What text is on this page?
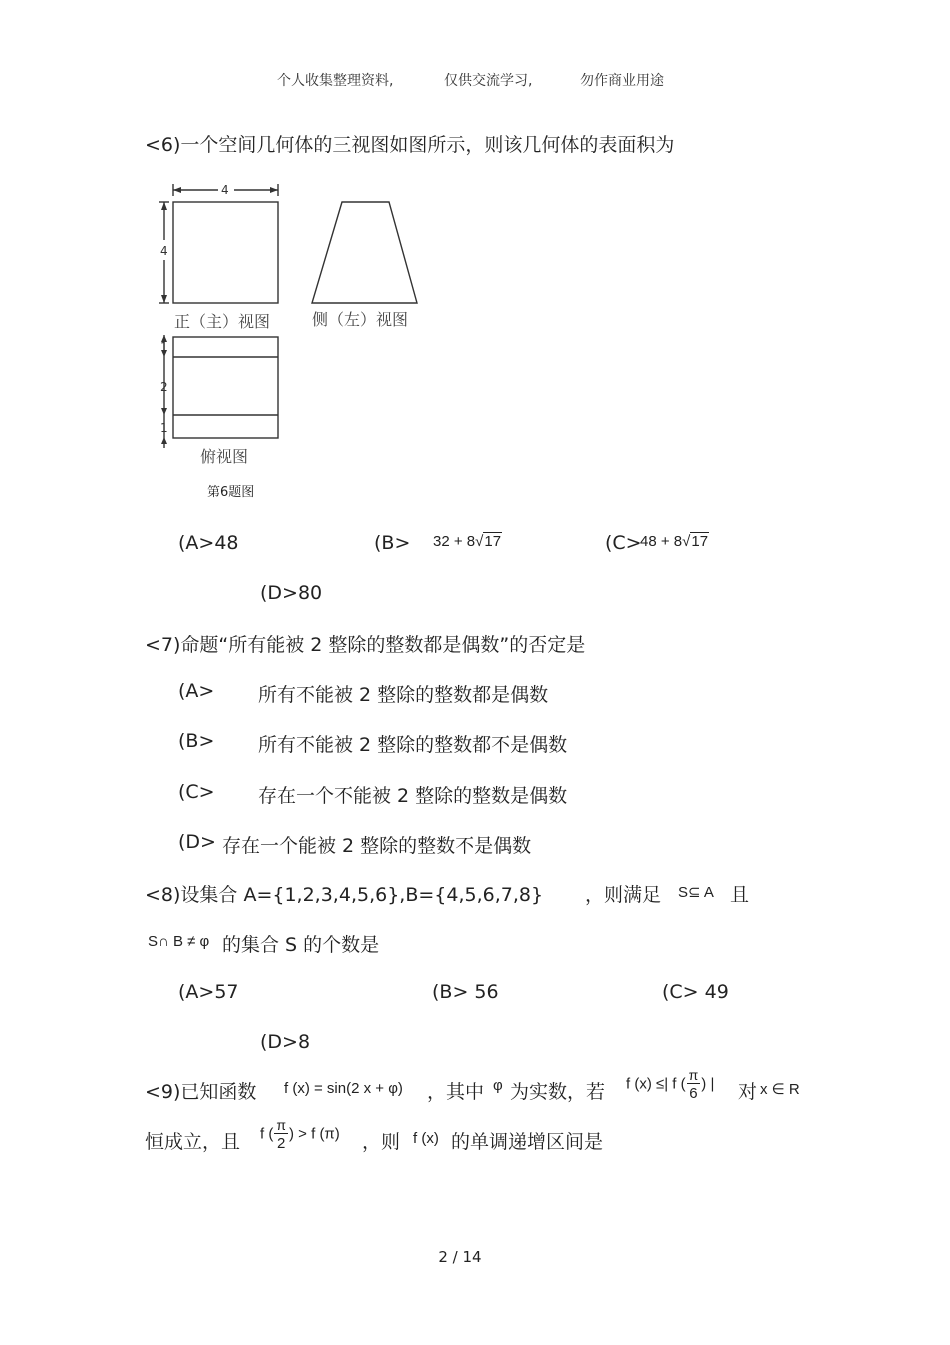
个人收集整理资料,	仅供交流学习,	勿作商业用途
<6)一个空间几何体的三视图如图所示，则该几何体的表面积为
4
4
正（主）视图	侧（左）视图
1
2
1
俯视图
第6题图
(A>48	(B> 32 + 8√17	(C>
48 + 8√17
(D>80
<7)命题“所有能被 2 整除的整数都是偶数”的否定是
(A> 所有不能被 2 整除的整数都是偶数
(B> 所有不能被 2 整除的整数都不是偶数
(C> 存在一个不能被 2 整除的整数是偶数
(D> 存在一个能被 2 整除的整数不是偶数
<8)设集合 A={1,2,3,4,5,6},B={4,5,6,7,8} ，则满足 S⊆ A 且
S∩ B ≠ φ 的集合 S 的个数是
(A>57	(B> 56	(C> 49
(D>8
<9)已知函数 f (x) = sin(2 x + φ) ，其中 φ 为实数，若 f (x) ≤| f ( $\frac{\pi}{6}$ ) | 对 x ∈ R
恒成立，且 f ( $\frac{\pi}{2}$ ) > f (π) ，则 f (x) 的单调递增区间是
2 / 14
